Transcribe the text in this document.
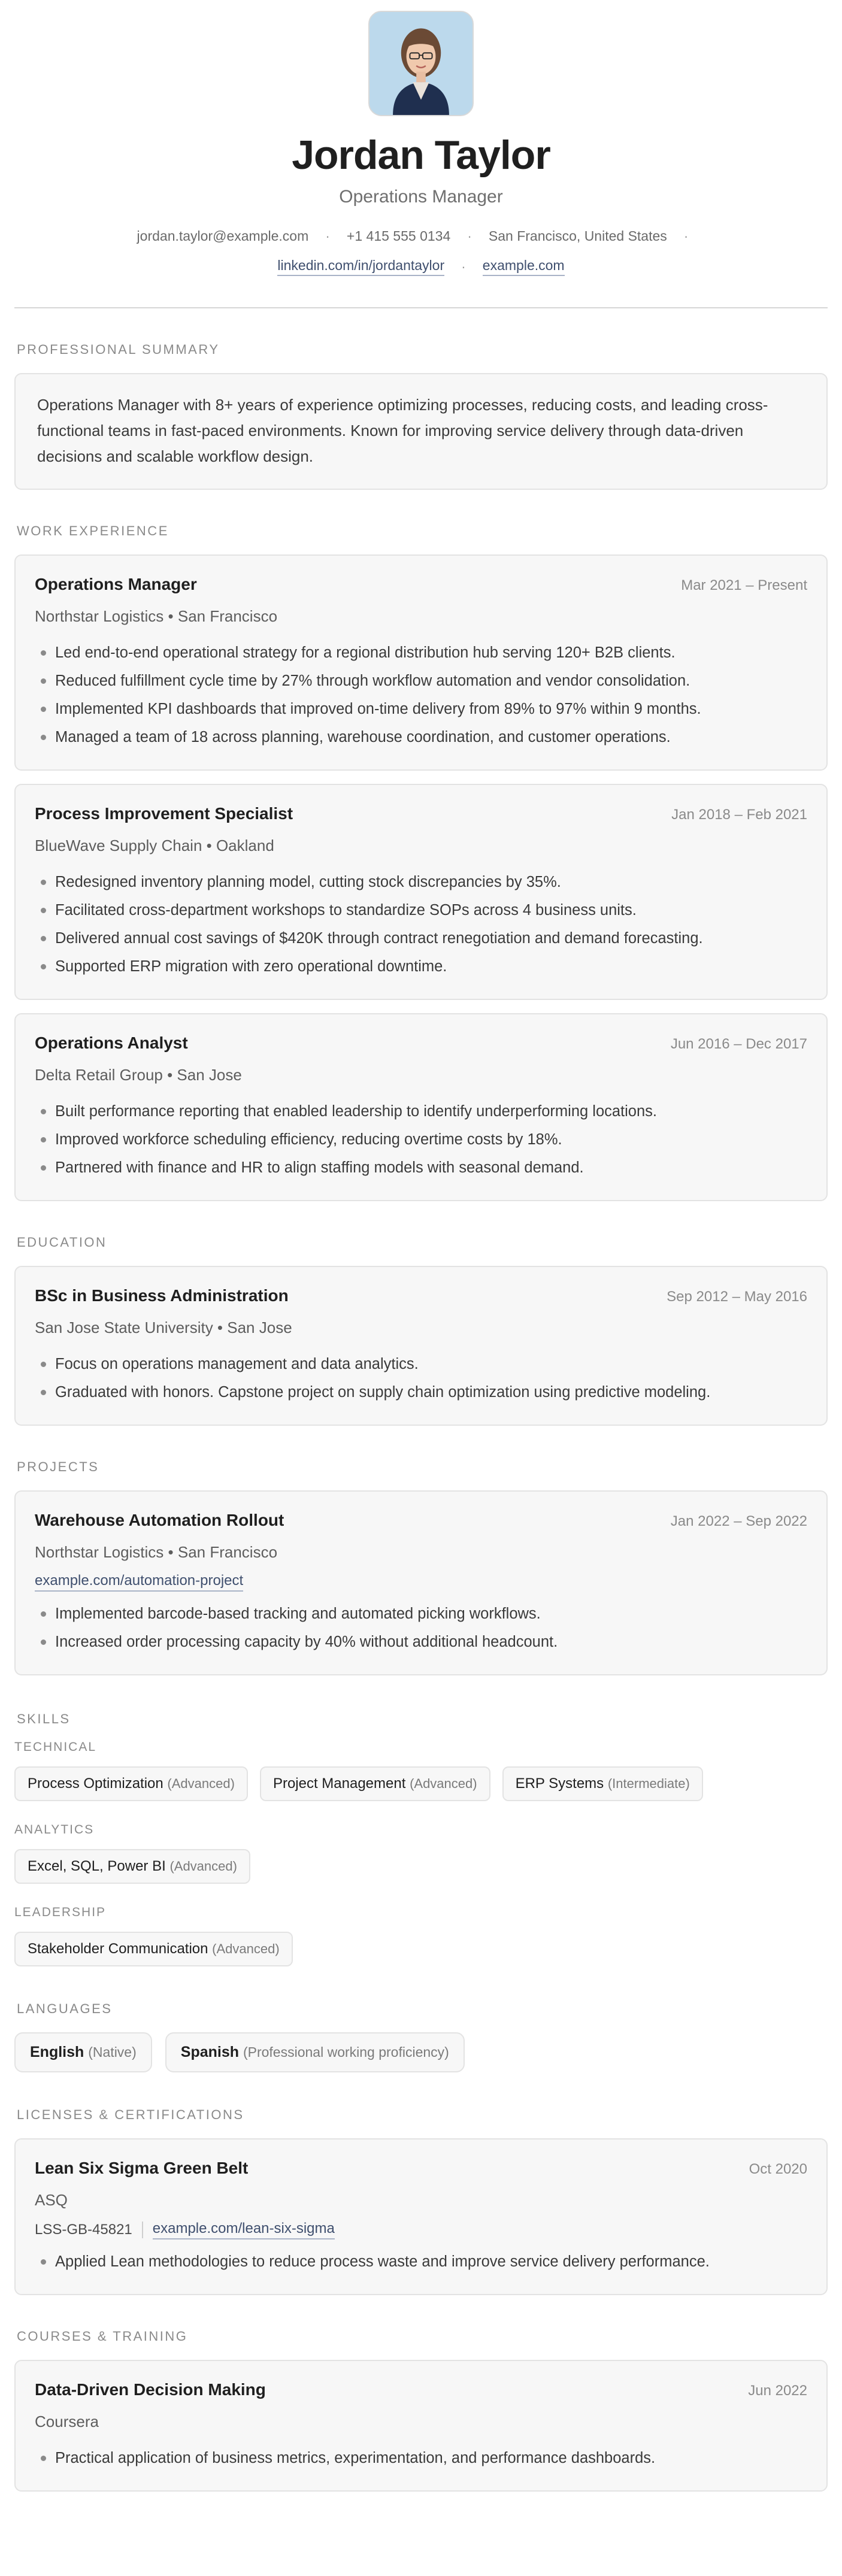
Jordan Taylor
Operations Manager
jordan.taylor@example.com · +1 415 555 0134 · San Francisco, United States ·
linkedin.com/in/jordantaylor · example.com
PROFESSIONAL SUMMARY
Operations Manager with 8+ years of experience optimizing processes, reducing costs, and leading cross-functional teams in fast-paced environments. Known for improving service delivery through data-driven decisions and scalable workflow design.
WORK EXPERIENCE
Operations Manager	Mar 2021 – Present
Northstar Logistics • San Francisco
Led end-to-end operational strategy for a regional distribution hub serving 120+ B2B clients.
Reduced fulfillment cycle time by 27% through workflow automation and vendor consolidation.
Implemented KPI dashboards that improved on-time delivery from 89% to 97% within 9 months.
Managed a team of 18 across planning, warehouse coordination, and customer operations.
Process Improvement Specialist	Jan 2018 – Feb 2021
BlueWave Supply Chain • Oakland
Redesigned inventory planning model, cutting stock discrepancies by 35%.
Facilitated cross-department workshops to standardize SOPs across 4 business units.
Delivered annual cost savings of $420K through contract renegotiation and demand forecasting.
Supported ERP migration with zero operational downtime.
Operations Analyst	Jun 2016 – Dec 2017
Delta Retail Group • San Jose
Built performance reporting that enabled leadership to identify underperforming locations.
Improved workforce scheduling efficiency, reducing overtime costs by 18%.
Partnered with finance and HR to align staffing models with seasonal demand.
EDUCATION
BSc in Business Administration	Sep 2012 – May 2016
San Jose State University • San Jose
Focus on operations management and data analytics.
Graduated with honors. Capstone project on supply chain optimization using predictive modeling.
PROJECTS
Warehouse Automation Rollout	Jan 2022 – Sep 2022
Northstar Logistics • San Francisco
example.com/automation-project
Implemented barcode-based tracking and automated picking workflows.
Increased order processing capacity by 40% without additional headcount.
SKILLS
TECHNICAL
Process Optimization (Advanced)	Project Management (Advanced)	ERP Systems (Intermediate)
ANALYTICS
Excel, SQL, Power BI (Advanced)
LEADERSHIP
Stakeholder Communication (Advanced)
LANGUAGES
English (Native)	Spanish (Professional working proficiency)
LICENSES & CERTIFICATIONS
Lean Six Sigma Green Belt	Oct 2020
ASQ
LSS-GB-45821 example.com/lean-six-sigma
Applied Lean methodologies to reduce process waste and improve service delivery performance.
COURSES & TRAINING
Data-Driven Decision Making	Jun 2022
Coursera
Practical application of business metrics, experimentation, and performance dashboards.
